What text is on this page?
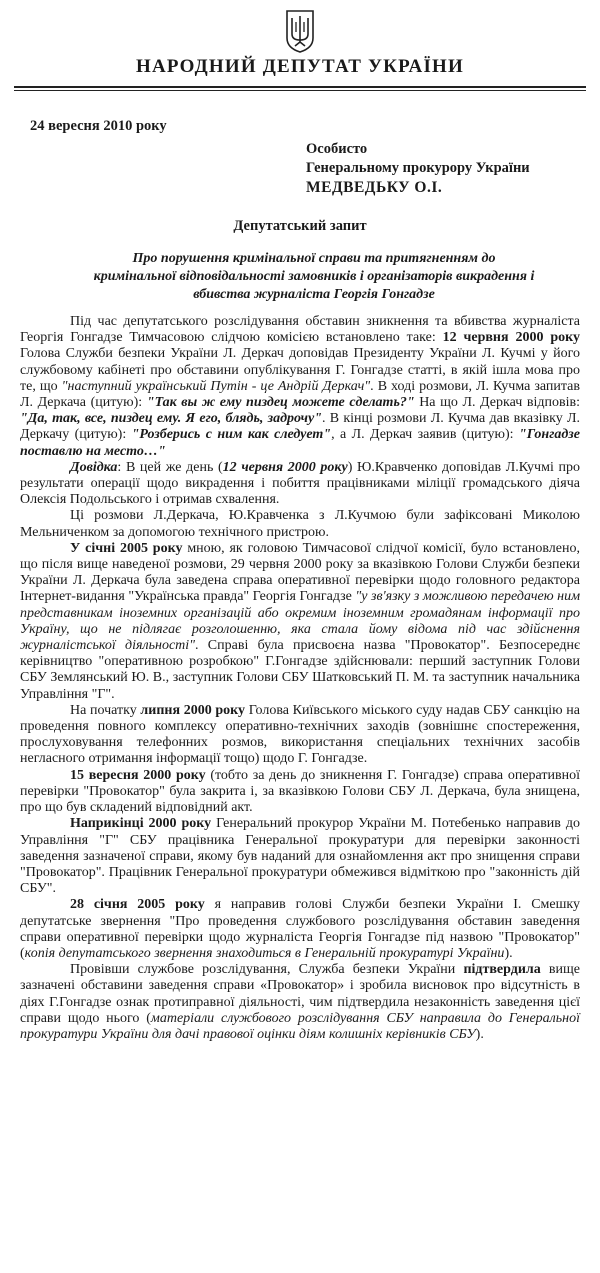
НАРОДНИЙ ДЕПУТАТ УКРАЇНИ
24 вересня 2010 року
Особисто
Генеральному прокурору України
МЕДВЕДЬКУ О.І.
Депутатський запит
Про порушення кримінальної справи та притягненням до
кримінальної відповідальності замовників і організаторів викрадення і
вбивства журналіста Георгія Гонгадзе

Під час депутатського розслідування обставин зникнення та вбивства журналіста Георгія Гонгадзе Тимчасовою слідчою комісією встановлено таке: 12 червня 2000 року Голова Служби безпеки України Л. Деркач доповідав Президенту України Л. Кучмі у його службовому кабінеті про обставини опублікування Г. Гонгадзе статті, в якій ішла мова про те, що "наступний український Путін - це Андрій Деркач". В ході розмови, Л. Кучма запитав Л. Деркача (цитую): "Так вы ж ему пиздец можете сделать?" На що Л. Деркач відповів: "Да, так, все, пиздец ему. Я его, блядь, задрочу". В кінці розмови Л. Кучма дав вказівку Л. Деркачу (цитую): "Розберись с ним как следует", а Л. Деркач заявив (цитую): "Гонгадзе поставлю на место…"

Довідка: В цей же день (12 червня 2000 року) Ю.Кравченко доповідав Л.Кучмі про результати операції щодо викрадення і побиття працівниками міліції громадського діяча Олексія Подольського і отримав схвалення.

Ці розмови Л.Деркача, Ю.Кравченка з Л.Кучмою були зафіксовані Миколою Мельниченком за допомогою технічного пристрою.

У січні 2005 року мною, як головою Тимчасової слідчої комісії, було встановлено, що після вище наведеної розмови, 29 червня 2000 року за вказівкою Голови Служби безпеки України Л. Деркача була заведена справа оперативної перевірки щодо головного редактора Інтернет-видання "Українська правда" Георгія Гонгадзе "у зв'язку з можливою передачею ним представникам іноземних організацій або окремим іноземним громадянам інформації про Україну, що не підлягає розголошенню, яка стала йому відома під час здійснення журналістської діяльності". Справі була присвоєна назва "Провокатор". Безпосереднє керівництво "оперативною розробкою" Г.Гонгадзе здійснювали: перший заступник Голови СБУ Землянський Ю. В., заступник Голови СБУ Шатковський П. М. та заступник начальника Управління "Г".

На початку липня 2000 року Голова Київського міського суду надав СБУ санкцію на проведення повного комплексу оперативно-технічних заходів (зовнішнє спостереження, прослуховування телефонних розмов, використання спеціальних технічних засобів негласного отримання інформації тощо) щодо Г. Гонгадзе.

15 вересня 2000 року (тобто за день до зникнення Г. Гонгадзе) справа оперативної перевірки "Провокатор" була закрита і, за вказівкою Голови СБУ Л. Деркача, була знищена, про що був складений відповідний акт.

Наприкінці 2000 року Генеральний прокурор України М. Потебенько направив до Управління "Г" СБУ працівника Генеральної прокуратури для перевірки законності заведення зазначеної справи, якому був наданий для ознайомлення акт про знищення справи "Провокатор". Працівник Генеральної прокуратури обмежився відміткою про "законність дій СБУ".

28 січня 2005 року я направив голові Служби безпеки України І. Смешку депутатське звернення "Про проведення службового розслідування обставин заведення справи оперативної перевірки щодо журналіста Георгія Гонгадзе під назвою "Провокатор" (копія депутатського звернення знаходиться в Генеральній прокуратурі України).

Провівши службове розслідування, Служба безпеки України підтвердила вище зазначені обставини заведення справи «Провокатор» і зробила висновок про відсутність в діях Г.Гонгадзе ознак протиправної діяльності, чим підтвердила незаконність заведення цієї справи щодо нього (матеріали службового розслідування СБУ направила до Генеральної прокуратури України для дачі правової оцінки діям колишніх керівників СБУ).
